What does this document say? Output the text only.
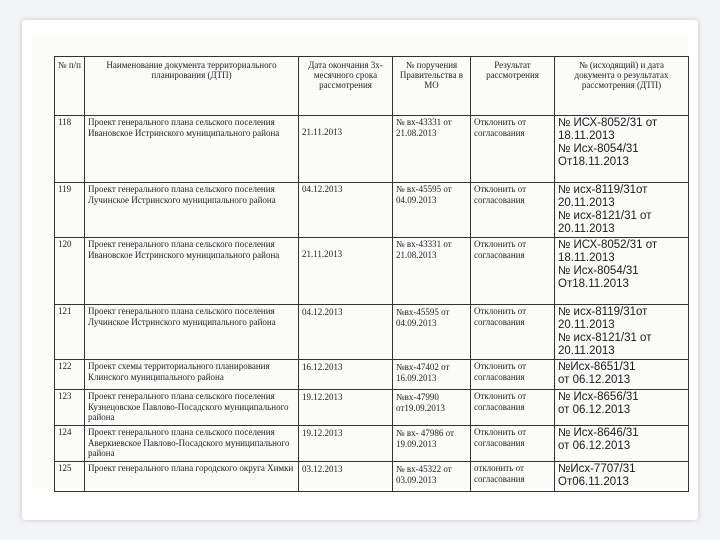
№ п/п	Наименование документа территориального планирования (ДТП)	Дата окончания 3х-месячного срока рассмотрения	№ поручения Правительства в МО	Результат рассмотрения	№ (исходящий) и дата документа о результатах рассмотрения (ДТП)
118	Проект генерального плана сельского поселения Ивановское Истринского муниципального района	21.11.2013	№ вх-43331 от 21.08.2013	Отклонить от согласования	№ ИСХ-8052/31 от
18.11.2013
№ Исх-8054/31
От18.11.2013

119	Проект генерального плана сельского поселения Лучинское Истринского муниципального района	04.12.2013	№ вх-45595 от 04.09.2013	Отклонить от согласования	№ исх-8119/31от 20.11.2013
№ исх-8121/31 от 20.11.2013

120	Проект генерального плана сельского поселения Ивановское Истринского муниципального района	21.11.2013	№ вх-43331 от 21.08.2013	Отклонить от согласования	№ ИСХ-8052/31 от
18.11.2013
№ Исх-8054/31
От18.11.2013

121	Проект генерального плана сельского поселения Лучинское Истринского муниципального района	04.12.2013	№вх-45595 от 04.09.2013	Отклонить от согласования	№ исх-8119/31от 20.11.2013
№ исх-8121/31 от 20.11.2013

122	Проект схемы территориального планирования Клинского муниципального района	16.12.2013	№вх-47402 от 16.09.2013	Отклонить от согласования	№Исх-8651/31
от 06.12.2013

123	Проект генерального плана сельского поселения Кузнецовское Павлово-Посадского муниципального района	19.12.2013	№вх-47990 от19.09.2013	Отклонить от согласования	№ Исх-8656/31
от 06.12.2013

124	Проект генерального плана сельского поселения Аверкиевское Павлово-Посадского муниципального района	19.12.2013	№ вх- 47986 от 19.09.2013	Отклонить от согласования	№ Исх-8646/31
от 06.12.2013

125	Проект генерального плана городского округа Химки	03.12.2013	№ вх-45322 от 03.09.2013	отклонить от согласования	№Исх-7707/31
От06.11.2013
